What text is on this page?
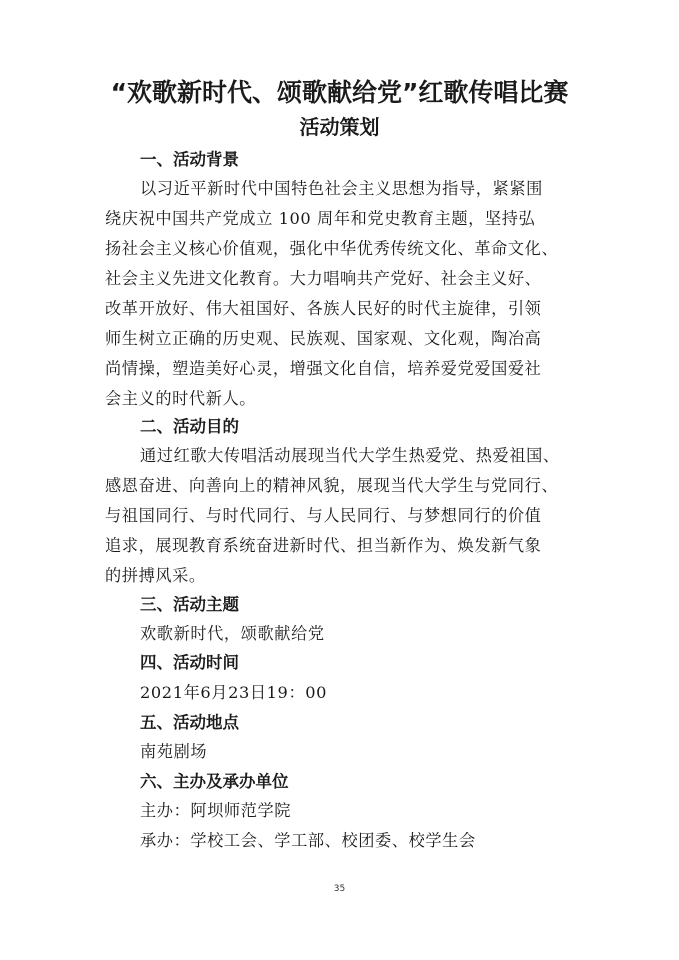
“欢歌新时代、颂歌献给党”红歌传唱比赛
活动策划
一、活动背景
以习近平新时代中国特色社会主义思想为指导，紧紧围
绕庆祝中国共产党成立 100 周年和党史教育主题，坚持弘
扬社会主义核心价值观，强化中华优秀传统文化、革命文化、
社会主义先进文化教育。大力唱响共产党好、社会主义好、
改革开放好、伟大祖国好、各族人民好的时代主旋律，引领
师生树立正确的历史观、民族观、国家观、文化观，陶冶高
尚情操，塑造美好心灵，增强文化自信，培养爱党爱国爱社
会主义的时代新人。
二、活动目的
通过红歌大传唱活动展现当代大学生热爱党、热爱祖国、
感恩奋进、向善向上的精神风貌，展现当代大学生与党同行、
与祖国同行、与时代同行、与人民同行、与梦想同行的价值
追求，展现教育系统奋进新时代、担当新作为、焕发新气象
的拼搏风采。
三、活动主题
欢歌新时代，颂歌献给党
四、活动时间
2021年6月23日19：00
五、活动地点
南苑剧场
六、主办及承办单位
主办：阿坝师范学院
承办：学校工会、学工部、校团委、校学生会
35
